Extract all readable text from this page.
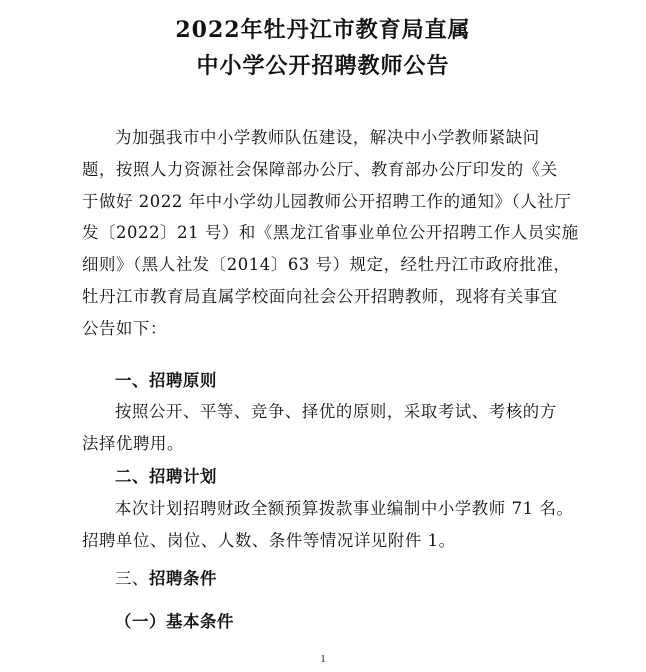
2022年牡丹江市教育局直属
中小学公开招聘教师公告
为加强我市中小学教师队伍建设，解决中小学教师紧缺问
题，按照人力资源社会保障部办公厅、教育部办公厅印发的《关
于做好 2022 年中小学幼儿园教师公开招聘工作的通知》（人社厅
发〔2022〕21 号）和《黑龙江省事业单位公开招聘工作人员实施
细则》（黑人社发〔2014〕63 号）规定，经牡丹江市政府批准，
牡丹江市教育局直属学校面向社会公开招聘教师，现将有关事宜
公告如下：
一、招聘原则
按照公开、平等、竞争、择优的原则，采取考试、考核的方
法择优聘用。
二、招聘计划
本次计划招聘财政全额预算拨款事业编制中小学教师 71 名。
招聘单位、岗位、人数、条件等情况详见附件 1。
三、招聘条件
（一）基本条件
1
